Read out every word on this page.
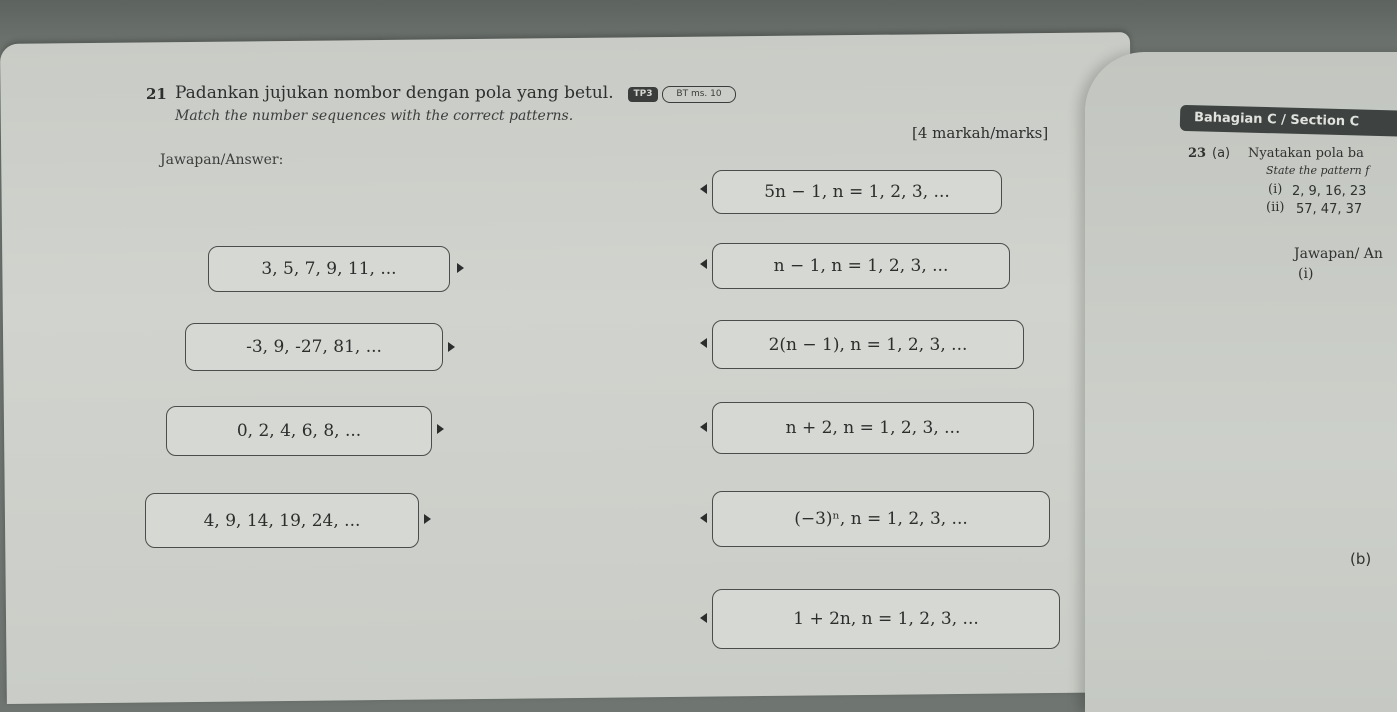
21 Padankan jujukan nombor dengan pola yang betul.	TP3	BT ms. 10
Match the number sequences with the correct patterns.
[4 markah/marks]
Jawapan/Answer:
3, 5, 7, 9, 11, ...
-3, 9, -27, 81, ...
0, 2, 4, 6, 8, ...
4, 9, 14, 19, 24, ...
5n − 1, n = 1, 2, 3, ...
n − 1, n = 1, 2, 3, ...
2(n − 1), n = 1, 2, 3, ...
n + 2, n = 1, 2, 3, ...
(−3)ⁿ, n = 1, 2, 3, ...
1 + 2n, n = 1, 2, 3, ...
Bahagian C / Section C
23 (a) Nyatakan pola ba
State the pattern f
(i) 2, 9, 16, 23
(ii) 57, 47, 37
Jawapan/ An
(i)
(b)
